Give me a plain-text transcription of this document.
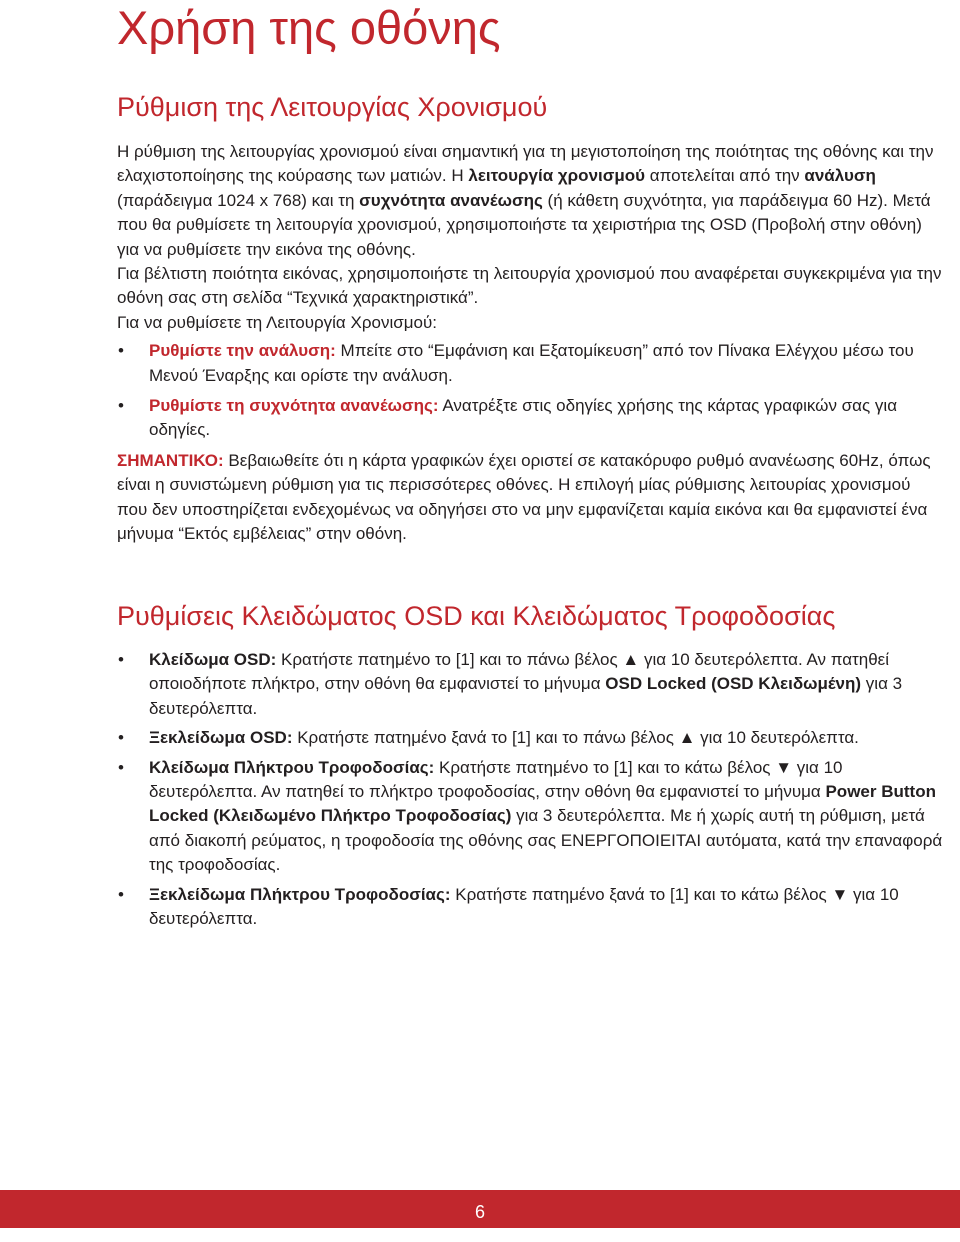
Χρήση της οθόνης
Ρύθμιση της Λειτουργίας Χρονισμού

Η ρύθμιση της λειτουργίας χρονισμού είναι σημαντική για τη μεγιστοποίηση της ποιότητας της οθόνης και την ελαχιστοποίησης της κούρασης των ματιών. Η λειτουργία χρονισμού αποτελείται από την ανάλυση (παράδειγμα 1024 x 768) και τη συχνότητα ανανέωσης (ή κάθετη συχνότητα, για παράδειγμα 60 Hz). Μετά που θα ρυθμίσετε τη λειτουργία χρονισμού, χρησιμοποιήστε τα χειριστήρια της OSD (Προβολή στην οθόνη) για να ρυθμίσετε την εικόνα της οθόνης.

Για βέλτιστη ποιότητα εικόνας, χρησιμοποιήστε τη λειτουργία χρονισμού που αναφέρεται συγκεκριμένα για την οθόνη σας στη σελίδα “Τεχνικά χαρακτηριστικά”.

Για να ρυθμίσετε τη Λειτουργία Χρονισμού:

• Ρυθμίστε την ανάλυση: Μπείτε στο “Εμφάνιση και Εξατομίκευση” από τον Πίνακα Ελέγχου μέσω του Μενού Έναρξης και ορίστε την ανάλυση.
• Ρυθμίστε τη συχνότητα ανανέωσης: Ανατρέξτε στις οδηγίες χρήσης της κάρτας γραφικών σας για οδηγίες.

ΣΗΜΑΝΤΙΚΟ: Βεβαιωθείτε ότι η κάρτα γραφικών έχει οριστεί σε κατακόρυφο ρυθμό ανανέωσης 60Hz, όπως είναι η συνιστώμενη ρύθμιση για τις περισσότερες οθόνες. Η επιλογή μίας ρύθμισης λειτουρίας χρονισμού που δεν υποστηρίζεται ενδεχομένως να οδηγήσει στο να μην εμφανίζεται καμία εικόνα και θα εμφανιστεί ένα μήνυμα “Εκτός εμβέλειας” στην οθόνη.

Ρυθμίσεις Κλειδώματος OSD και Κλειδώματος Τροφοδοσίας
• Κλείδωμα OSD: Κρατήστε πατημένο το [1] και το πάνω βέλος ▲ για 10 δευτερόλεπτα. Αν πατηθεί οποιοδήποτε πλήκτρο, στην οθόνη θα εμφανιστεί το μήνυμα OSD Locked (OSD Κλειδωμένη) για 3 δευτερόλεπτα.
• Ξεκλείδωμα OSD: Κρατήστε πατημένο ξανά το [1] και το πάνω βέλος ▲ για 10 δευτερόλεπτα.
• Κλείδωμα Πλήκτρου Τροφοδοσίας: Κρατήστε πατημένο το [1] και το κάτω βέλος ▼ για 10 δευτερόλεπτα. Αν πατηθεί το πλήκτρο τροφοδοσίας, στην οθόνη θα εμφανιστεί το μήνυμα Power Button Locked (Κλειδωμένο Πλήκτρο Τροφοδοσίας) για 3 δευτερόλεπτα. Με ή χωρίς αυτή τη ρύθμιση, μετά από διακοπή ρεύματος, η τροφοδοσία της οθόνης σας ΕΝΕΡΓΟΠΟΙΕΙΤΑΙ αυτόματα, κατά την επαναφορά της τροφοδοσίας.
• Ξεκλείδωμα Πλήκτρου Τροφοδοσίας: Κρατήστε πατημένο ξανά το [1] και το κάτω βέλος ▼ για 10 δευτερόλεπτα.
6
